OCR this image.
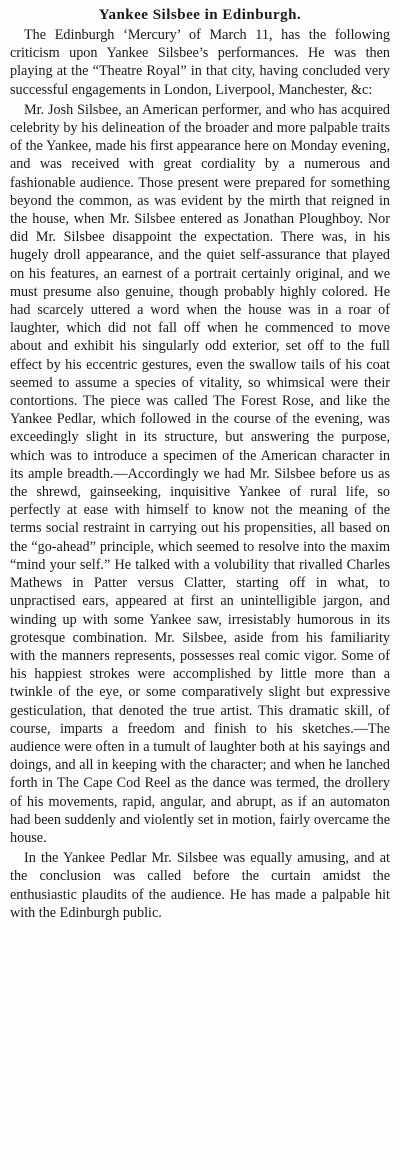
Yankee Silsbee in Edinburgh.

The Edinburgh ‘Mercury’ of March 11, has the following criticism upon Yankee Silsbee’s performances. He was then playing at the “Theatre Royal” in that city, having concluded very successful engagements in London, Liverpool, Manchester, &c:

Mr. Josh Silsbee, an American performer, and who has acquired celebrity by his delineation of the broader and more palpable traits of the Yankee, made his first appearance here on Monday evening, and was received with great cordiality by a numerous and fashionable audience. Those present were prepared for something beyond the common, as was evident by the mirth that reigned in the house, when Mr. Silsbee entered as Jonathan Ploughboy. Nor did Mr. Silsbee disappoint the expectation. There was, in his hugely droll appearance, and the quiet self-assurance that played on his features, an earnest of a portrait certainly original, and we must presume also genuine, though probably highly colored. He had scarcely uttered a word when the house was in a roar of laughter, which did not fall off when he commenced to move about and exhibit his singularly odd exterior, set off to the full effect by his eccentric gestures, even the swallow tails of his coat seemed to assume a species of vitality, so whimsical were their contortions. The piece was called The Forest Rose, and like the Yankee Pedlar, which followed in the course of the evening, was exceedingly slight in its structure, but answering the purpose, which was to introduce a specimen of the American character in its ample breadth.—Accordingly we had Mr. Silsbee before us as the shrewd, gainseeking, inquisitive Yankee of rural life, so perfectly at ease with himself to know not the meaning of the terms social restraint in carrying out his propensities, all based on the “go-ahead” principle, which seemed to resolve into the maxim “mind your self.” He talked with a volubility that rivalled Charles Mathews in Patter versus Clatter, starting off in what, to unpractised ears, appeared at first an unintelligible jargon, and winding up with some Yankee saw, irresistably humorous in its grotesque combination. Mr. Silsbee, aside from his familiarity with the manners represents, possesses real comic vigor. Some of his happiest strokes were accomplished by little more than a twinkle of the eye, or some comparatively slight but expressive gesticulation, that denoted the true artist. This dramatic skill, of course, imparts a freedom and finish to his sketches.—The audience were often in a tumult of laughter both at his sayings and doings, and all in keeping with the character; and when he lanched forth in The Cape Cod Reel as the dance was termed, the drollery of his movements, rapid, angular, and abrupt, as if an automaton had been suddenly and violently set in motion, fairly overcame the house.

In the Yankee Pedlar Mr. Silsbee was equally amusing, and at the conclusion was called before the curtain amidst the enthusiastic plaudits of the audience. He has made a palpable hit with the Edinburgh public.
